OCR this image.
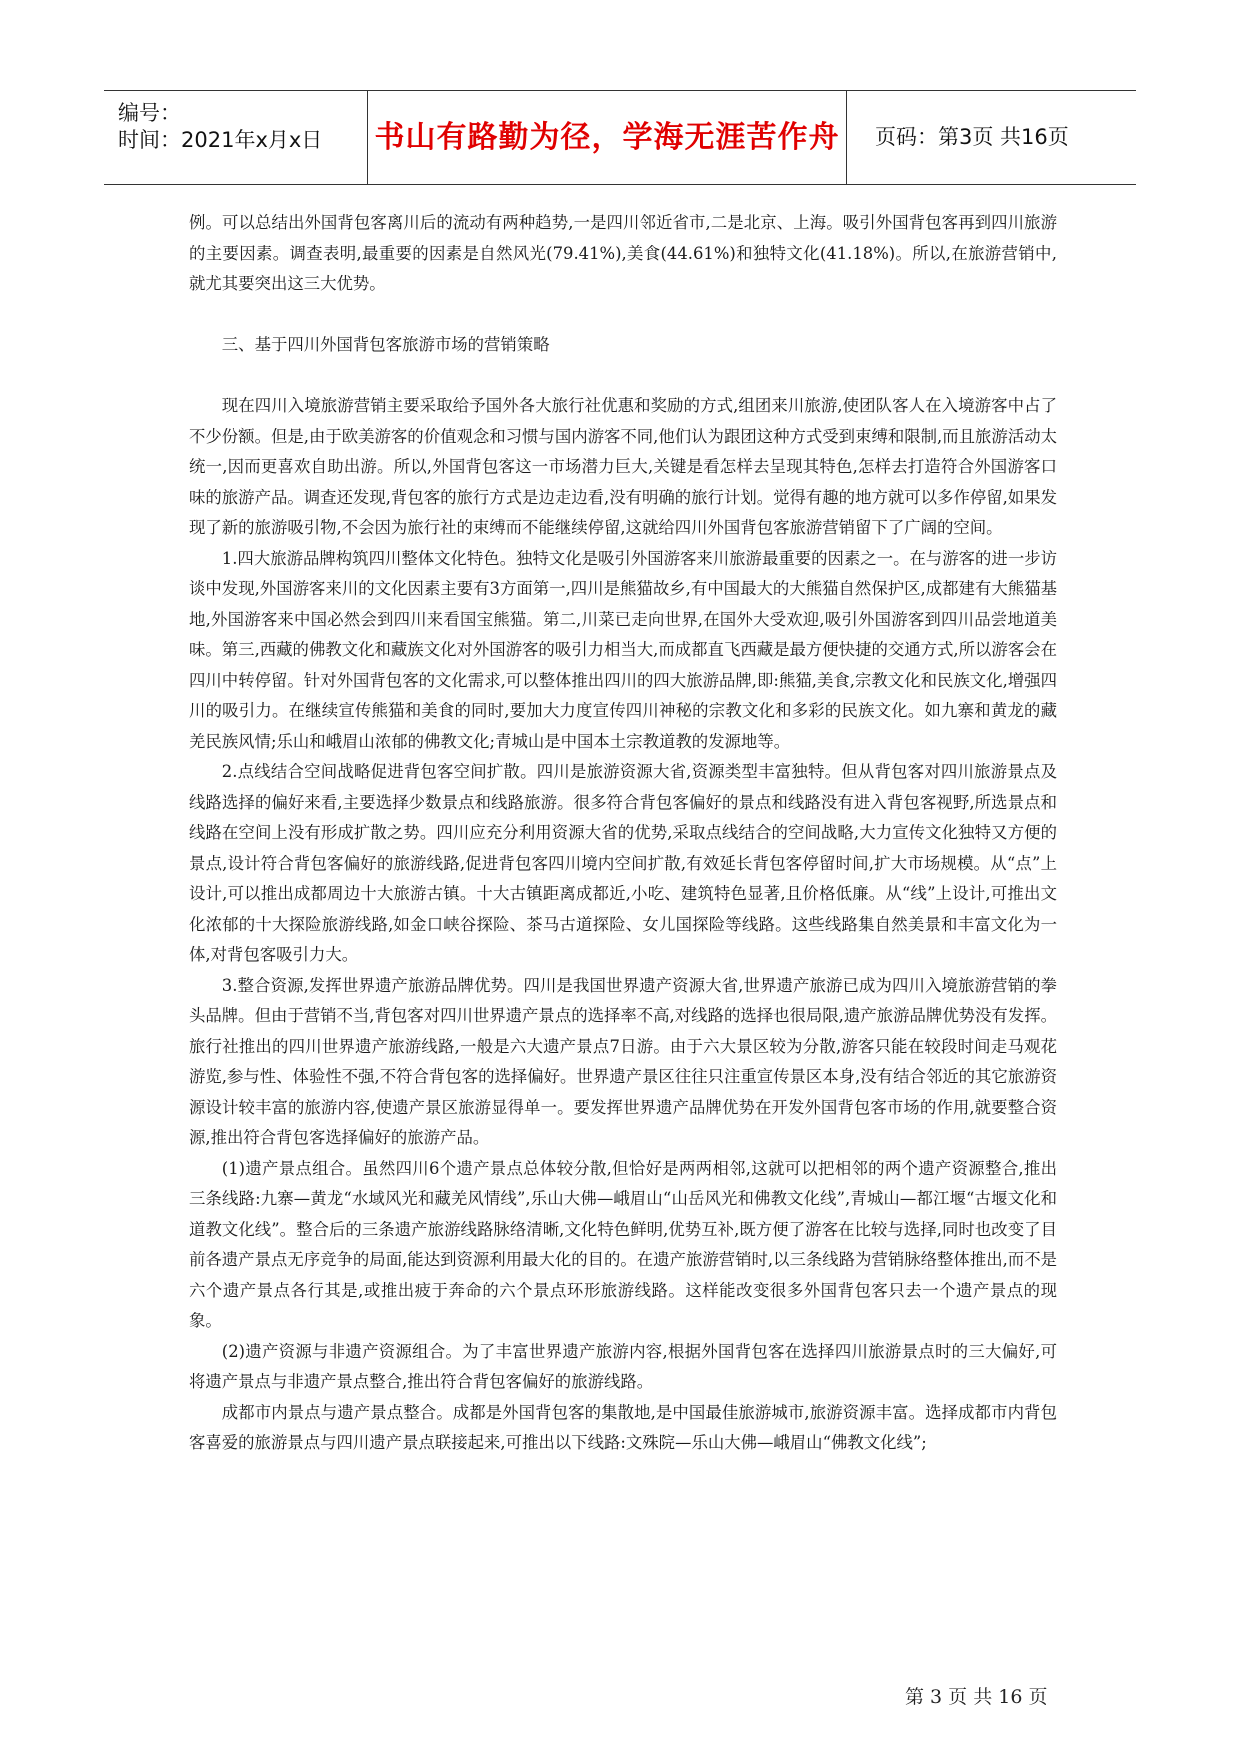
编号：
时间：2021年x月x日 书山有路勤为径，学海无涯苦作舟	页码：第3页 共16页

例。可以总结出外国背包客离川后的流动有两种趋势,一是四川邻近省市,二是北京、上海。吸引外国背包客再到四川旅游的主要因素。调查表明,最重要的因素是自然风光(79.41%),美食(44.61%)和独特文化(41.18%)。所以,在旅游营销中,就尤其要突出这三大优势。

三、基于四川外国背包客旅游市场的营销策略

现在四川入境旅游营销主要采取给予国外各大旅行社优惠和奖励的方式,组团来川旅游,使团队客人在入境游客中占了不少份额。但是,由于欧美游客的价值观念和习惯与国内游客不同,他们认为跟团这种方式受到束缚和限制,而且旅游活动太统一,因而更喜欢自助出游。所以,外国背包客这一市场潜力巨大,关键是看怎样去呈现其特色,怎样去打造符合外国游客口味的旅游产品。调查还发现,背包客的旅行方式是边走边看,没有明确的旅行计划。觉得有趣的地方就可以多作停留,如果发现了新的旅游吸引物,不会因为旅行社的束缚而不能继续停留,这就给四川外国背包客旅游营销留下了广阔的空间。

1.四大旅游品牌构筑四川整体文化特色。独特文化是吸引外国游客来川旅游最重要的因素之一。在与游客的进一步访谈中发现,外国游客来川的文化因素主要有3方面第一,四川是熊猫故乡,有中国最大的大熊猫自然保护区,成都建有大熊猫基地,外国游客来中国必然会到四川来看国宝熊猫。第二,川菜已走向世界,在国外大受欢迎,吸引外国游客到四川品尝地道美味。第三,西藏的佛教文化和藏族文化对外国游客的吸引力相当大,而成都直飞西藏是最方便快捷的交通方式,所以游客会在四川中转停留。针对外国背包客的文化需求,可以整体推出四川的四大旅游品牌,即:熊猫,美食,宗教文化和民族文化,增强四川的吸引力。在继续宣传熊猫和美食的同时,要加大力度宣传四川神秘的宗教文化和多彩的民族文化。如九寨和黄龙的藏羌民族风情;乐山和峨眉山浓郁的佛教文化;青城山是中国本土宗教道教的发源地等。

2.点线结合空间战略促进背包客空间扩散。四川是旅游资源大省,资源类型丰富独特。但从背包客对四川旅游景点及线路选择的偏好来看,主要选择少数景点和线路旅游。很多符合背包客偏好的景点和线路没有进入背包客视野,所选景点和线路在空间上没有形成扩散之势。四川应充分利用资源大省的优势,采取点线结合的空间战略,大力宣传文化独特又方便的景点,设计符合背包客偏好的旅游线路,促进背包客四川境内空间扩散,有效延长背包客停留时间,扩大市场规模。从“点”上设计,可以推出成都周边十大旅游古镇。十大古镇距离成都近,小吃、建筑特色显著,且价格低廉。从“线”上设计,可推出文化浓郁的十大探险旅游线路,如金口峡谷探险、茶马古道探险、女儿国探险等线路。这些线路集自然美景和丰富文化为一体,对背包客吸引力大。

3.整合资源,发挥世界遗产旅游品牌优势。四川是我国世界遗产资源大省,世界遗产旅游已成为四川入境旅游营销的拳头品牌。但由于营销不当,背包客对四川世界遗产景点的选择率不高,对线路的选择也很局限,遗产旅游品牌优势没有发挥。旅行社推出的四川世界遗产旅游线路,一般是六大遗产景点7日游。由于六大景区较为分散,游客只能在较段时间走马观花游览,参与性、体验性不强,不符合背包客的选择偏好。世界遗产景区往往只注重宣传景区本身,没有结合邻近的其它旅游资源设计较丰富的旅游内容,使遗产景区旅游显得单一。要发挥世界遗产品牌优势在开发外国背包客市场的作用,就要整合资源,推出符合背包客选择偏好的旅游产品。

(1)遗产景点组合。虽然四川6个遗产景点总体较分散,但恰好是两两相邻,这就可以把相邻的两个遗产资源整合,推出三条线路:九寨—黄龙“水域风光和藏羌风情线”,乐山大佛—峨眉山“山岳风光和佛教文化线”,青城山—都江堰“古堰文化和道教文化线”。整合后的三条遗产旅游线路脉络清晰,文化特色鲜明,优势互补,既方便了游客在比较与选择,同时也改变了目前各遗产景点无序竞争的局面,能达到资源利用最大化的目的。在遗产旅游营销时,以三条线路为营销脉络整体推出,而不是六个遗产景点各行其是,或推出疲于奔命的六个景点环形旅游线路。这样能改变很多外国背包客只去一个遗产景点的现象。

(2)遗产资源与非遗产资源组合。为了丰富世界遗产旅游内容,根据外国背包客在选择四川旅游景点时的三大偏好,可将遗产景点与非遗产景点整合,推出符合背包客偏好的旅游线路。

成都市内景点与遗产景点整合。成都是外国背包客的集散地,是中国最佳旅游城市,旅游资源丰富。选择成都市内背包客喜爱的旅游景点与四川遗产景点联接起来,可推出以下线路:文殊院—乐山大佛—峨眉山“佛教文化线”;

第 3 页 共 16 页
